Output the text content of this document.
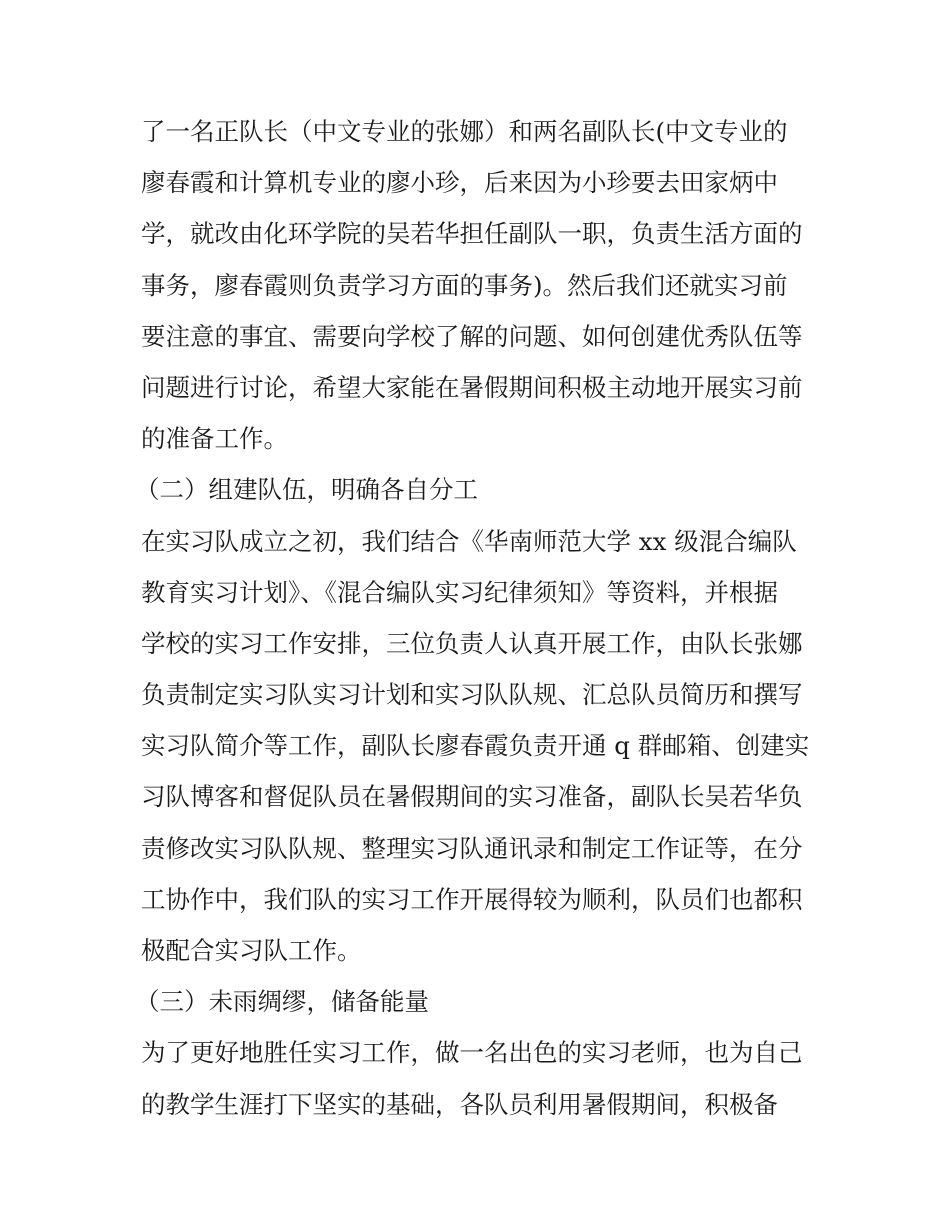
了一名正队长（中文专业的张娜）和两名副队长(中文专业的
廖春霞和计算机专业的廖小珍，后来因为小珍要去田家炳中
学，就改由化环学院的吴若华担任副队一职，负责生活方面的
事务，廖春霞则负责学习方面的事务)。然后我们还就实习前
要注意的事宜、需要向学校了解的问题、如何创建优秀队伍等
问题进行讨论，希望大家能在暑假期间积极主动地开展实习前
的准备工作。
（二）组建队伍，明确各自分工
在实习队成立之初，我们结合《华南师范大学 xx 级混合编队
教育实习计划》、《混合编队实习纪律须知》等资料，并根据
学校的实习工作安排，三位负责人认真开展工作，由队长张娜
负责制定实习队实习计划和实习队队规、汇总队员简历和撰写
实习队简介等工作，副队长廖春霞负责开通 q 群邮箱、创建实
习队博客和督促队员在暑假期间的实习准备，副队长吴若华负
责修改实习队队规、整理实习队通讯录和制定工作证等，在分
工协作中，我们队的实习工作开展得较为顺利，队员们也都积
极配合实习队工作。
（三）未雨绸缪，储备能量
为了更好地胜任实习工作，做一名出色的实习老师，也为自己
的教学生涯打下坚实的基础，各队员利用暑假期间，积极备
